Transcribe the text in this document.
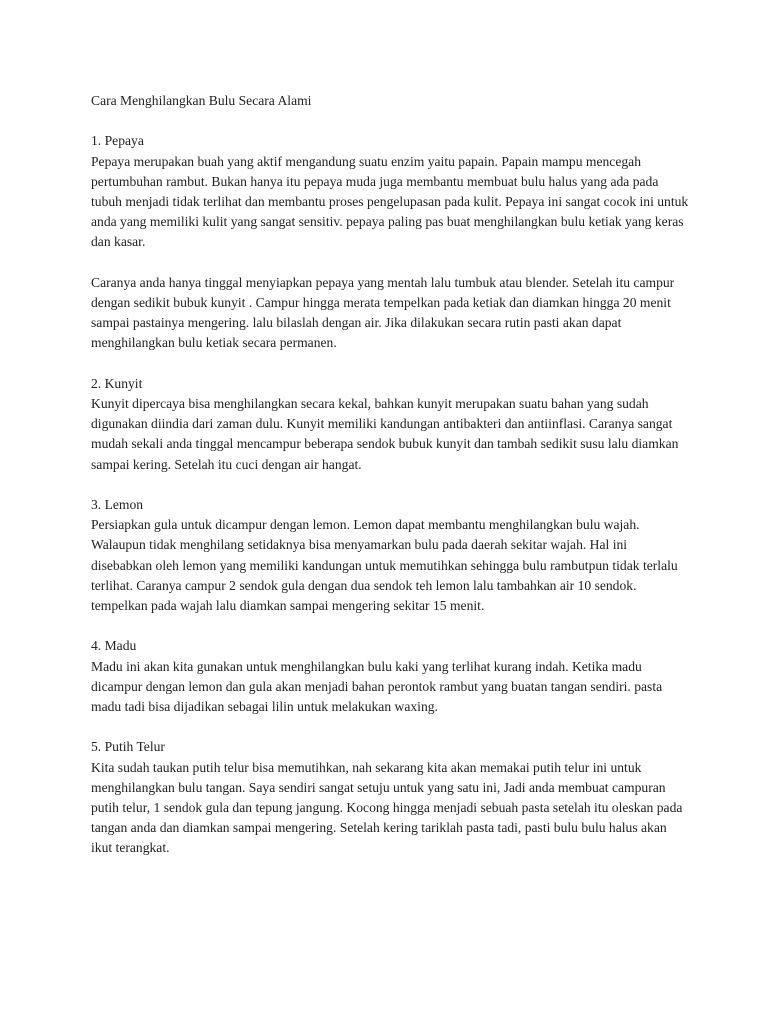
Cara Menghilangkan Bulu Secara Alami

1. Pepaya

Pepaya merupakan buah yang aktif mengandung suatu enzim yaitu papain. Papain mampu mencegah pertumbuhan rambut. Bukan hanya itu pepaya muda juga membantu membuat bulu halus yang ada pada tubuh menjadi tidak terlihat dan membantu proses pengelupasan pada kulit. Pepaya ini sangat cocok ini untuk anda yang memiliki kulit yang sangat sensitiv. pepaya paling pas buat menghilangkan bulu ketiak yang keras dan kasar.

Caranya anda hanya tinggal menyiapkan pepaya yang mentah lalu tumbuk atau blender. Setelah itu campur dengan sedikit bubuk kunyit . Campur hingga merata tempelkan pada ketiak dan diamkan hingga 20 menit sampai pastainya mengering. lalu bilaslah dengan air. Jika dilakukan secara rutin pasti akan dapat menghilangkan bulu ketiak secara permanen.

2. Kunyit

Kunyit dipercaya bisa menghilangkan secara kekal, bahkan kunyit merupakan suatu bahan yang sudah digunakan diindia dari zaman dulu. Kunyit memiliki kandungan antibakteri dan antiinflasi. Caranya sangat mudah sekali anda tinggal mencampur beberapa sendok bubuk kunyit dan tambah sedikit susu lalu diamkan sampai kering. Setelah itu cuci dengan air hangat.

3. Lemon

Persiapkan gula untuk dicampur dengan lemon. Lemon dapat membantu menghilangkan bulu wajah. Walaupun tidak menghilang setidaknya bisa menyamarkan bulu pada daerah sekitar wajah. Hal ini disebabkan oleh lemon yang memiliki kandungan untuk memutihkan sehingga bulu rambutpun tidak terlalu terlihat. Caranya campur 2 sendok gula dengan dua sendok teh lemon lalu tambahkan air 10 sendok. tempelkan pada wajah lalu diamkan sampai mengering sekitar 15 menit.

4. Madu

Madu ini akan kita gunakan untuk menghilangkan bulu kaki yang terlihat kurang indah. Ketika madu dicampur dengan lemon dan gula akan menjadi bahan perontok rambut yang buatan tangan sendiri. pasta madu tadi bisa dijadikan sebagai lilin untuk melakukan waxing.

5. Putih Telur

Kita sudah taukan putih telur bisa memutihkan, nah sekarang kita akan memakai putih telur ini untuk menghilangkan bulu tangan. Saya sendiri sangat setuju untuk yang satu ini, Jadi anda membuat campuran putih telur, 1 sendok gula dan tepung jangung. Kocong hingga menjadi sebuah pasta setelah itu oleskan pada tangan anda dan diamkan sampai mengering. Setelah kering tariklah pasta tadi, pasti bulu bulu halus akan ikut terangkat.
